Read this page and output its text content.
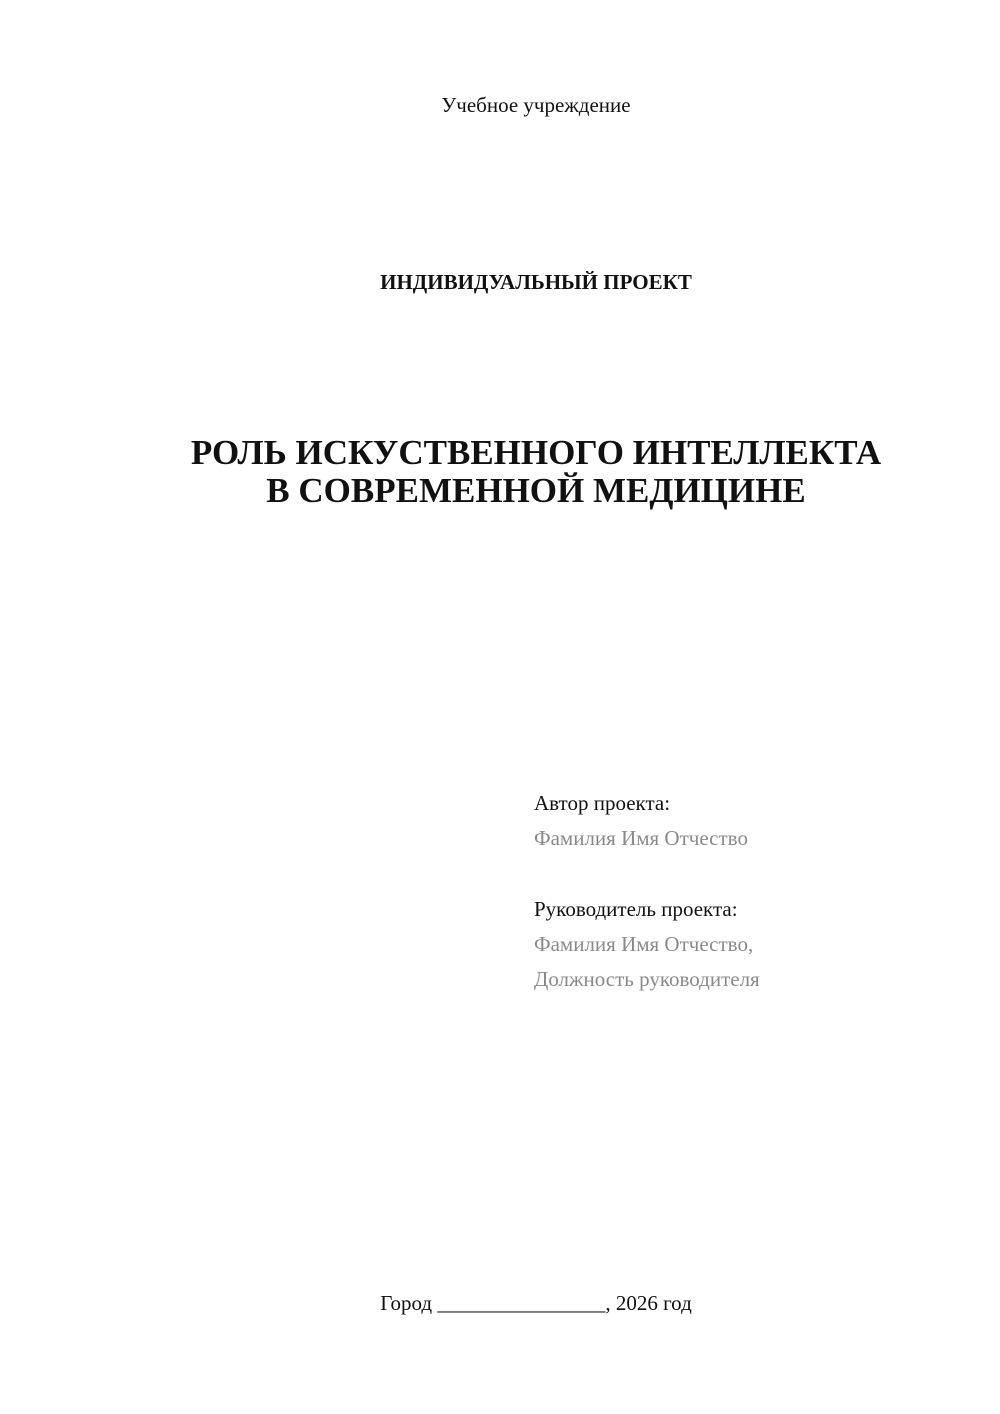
Учебное учреждение
ИНДИВИДУАЛЬНЫЙ ПРОЕКТ
РОЛЬ ИСКУСТВЕННОГО ИНТЕЛЛЕКТА
В СОВРЕМЕННОЙ МЕДИЦИНЕ
Автор проекта:
Фамилия Имя Отчество
Руководитель проекта:
Фамилия Имя Отчество,
Должность руководителя
Город ________________, 2026 год
